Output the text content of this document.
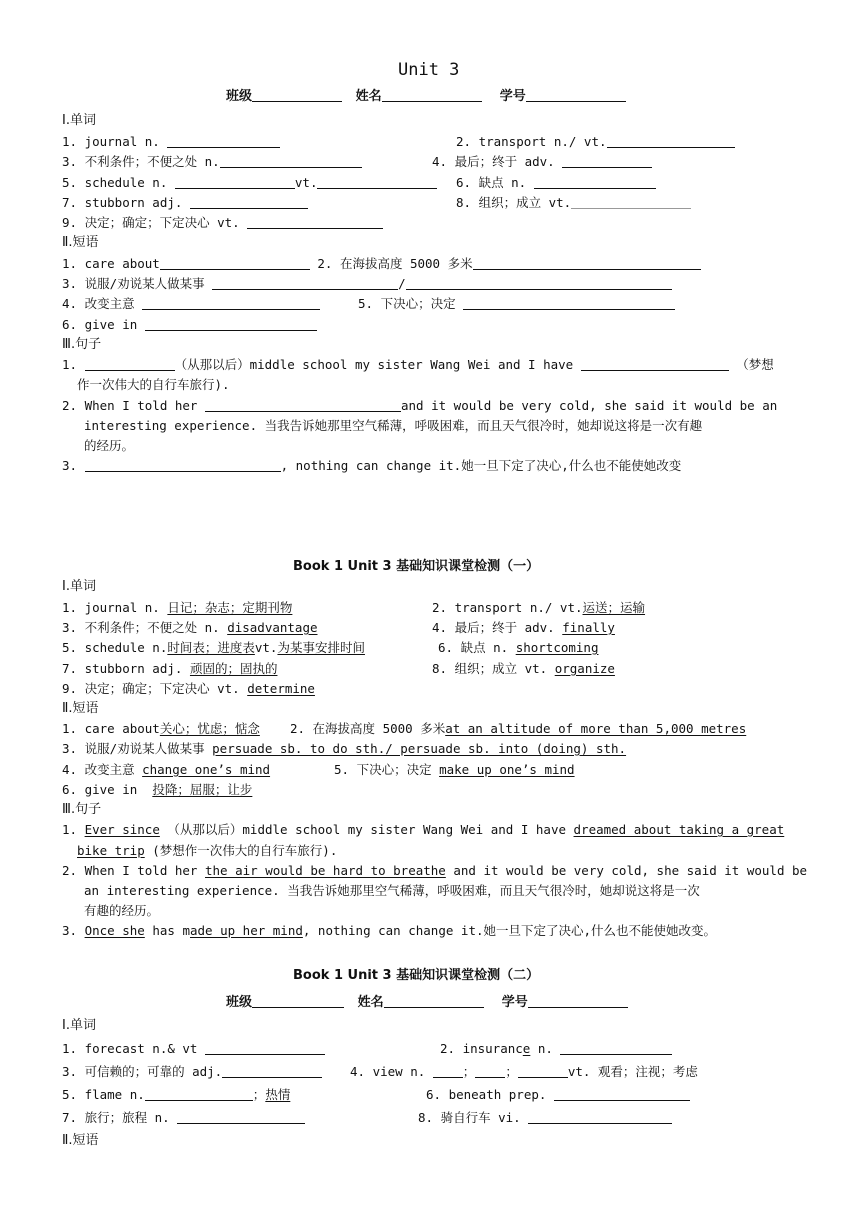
Unit 3
班级	姓名	学号
Ⅰ.单词
1. journal n.	2. transport n./ vt.
3. 不利条件；不便之处 n.	4. 最后；终于 adv.
5. schedule n.	vt.	6. 缺点 n.
7. stubborn adj.	8. 组织；成立 vt.
9. 决定；确定；下定决心 vt.
Ⅱ.短语
1. care about	2. 在海拔高度 5000 多米
3. 说服/劝说某人做某事	/
4. 改变主意	5. 下决心；决定
6. give in
Ⅲ.句子
1.	（从那以后）middle school my sister Wang Wei and I have	（梦想
作一次伟大的自行车旅行).
2. When I told her	and it would be very cold, she said it would be an
interesting experience. 当我告诉她那里空气稀薄，呼吸困难，而且天气很冷时，她却说这将是一次有趣
的经历。
3.	, nothing can change it.她一旦下定了决心,什么也不能使她改变
Book 1 Unit 3 基础知识课堂检测（一）
Ⅰ.单词
1. journal n. 日记；杂志；定期刊物	2. transport n./ vt.运送；运输
3. 不利条件；不便之处 n. disadvantage	4. 最后；终于 adv. finally
5. schedule n.时间表；进度表vt.为某事安排时间	6. 缺点 n. shortcoming
7. stubborn adj. 顽固的；固执的	8. 组织；成立 vt. organize
9. 决定；确定；下定决心 vt. determine
Ⅱ.短语
1. care about关心；忧虑；惦念 2. 在海拔高度 5000 多米at an altitude of more than 5,000 metres
3. 说服/劝说某人做某事 persuade sb. to do sth./ persuade sb. into (doing) sth.
4. 改变主意 change one’s mind	5. 下决心；决定 make up one’s mind
6. give in 投降；屈服；让步
Ⅲ.句子
1. Ever since （从那以后）middle school my sister Wang Wei and I have dreamed about taking a great
bike trip (梦想作一次伟大的自行车旅行).
2. When I told her the air would be hard to breathe and it would be very cold, she said it would be
an interesting experience. 当我告诉她那里空气稀薄，呼吸困难，而且天气很冷时，她却说这将是一次
有趣的经历。
3. Once she has made up her mind, nothing can change it.她一旦下定了决心,什么也不能使她改变。
Book 1 Unit 3 基础知识课堂检测（二）
班级	姓名	学号
Ⅰ.单词
1. forecast n.& vt	2. insurance n.
3. 可信赖的；可靠的 adj.	4. view n.	； ；	vt. 观看；注视；考虑
5. flame n.	；热情	6. beneath prep.
7. 旅行；旅程 n.	8. 骑自行车 vi.
Ⅱ.短语
